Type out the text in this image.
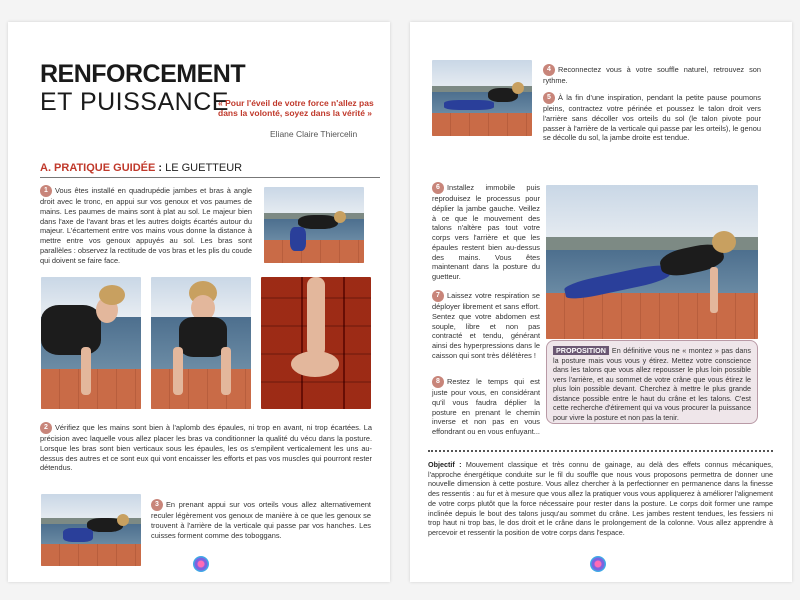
RENFORCEMENT
ET PUISSANCE
« Pour l'éveil de votre force n'allez pas dans la volonté, soyez dans la vérité »
Eliane Claire Thiercelin
A. PRATIQUE GUIDÉE : LE GUETTEUR
1 Vous êtes installé en quadrupédie jambes et bras à angle droit avec le tronc, en appui sur vos genoux et vos paumes de mains. Les paumes de mains sont à plat au sol. Le majeur bien dans l'axe de l'avant bras et les autres doigts écartés autour du majeur. L'écartement entre vos mains vous donne la distance à mettre entre vos genoux appuyés au sol. Les bras sont parallèles : observez la rectitude de vos bras et les plis du coude qui doivent se faire face.
2 Vérifiez que les mains sont bien à l'aplomb des épaules, ni trop en avant, ni trop écartées. La précision avec laquelle vous allez placer les bras va conditionner la qualité du vécu dans la posture. Lorsque les bras sont bien verticaux sous les épaules, les os s'empilent verticalement les uns au-dessus des autres et ce sont eux qui vont encaisser les efforts et pas vos muscles qui pourront rester détendus.
3 En prenant appui sur vos orteils vous allez alternativement reculer légèrement vos genoux de manière à ce que les genoux se trouvent à l'arrière de la verticale qui passe par vos hanches. Les cuisses forment comme des toboggans.
4 Reconnectez vous à votre souffle naturel, retrouvez son rythme.
5 À la fin d'une inspiration, pendant la petite pause poumons pleins, contractez votre périnée et poussez le talon droit vers l'arrière sans décoller vos orteils du sol (le talon pivote pour passer à l'arrière de la verticale qui passe par les orteils), le genou se décolle du sol, la jambe droite est tendue.
6 Installez immobile puis reproduisez le processus pour déplier la jambe gauche. Veillez à ce que le mouvement des talons n'altère pas tout votre corps vers l'arrière et que les épaules restent bien au-dessus des mains. Vous êtes maintenant dans la posture du guetteur.
7 Laissez votre respiration se déployer librement et sans effort. Sentez que votre abdomen est souple, libre et non pas contracté et tendu, générant ainsi des hyperpressions dans le caisson qui sont très délétères !
8 Restez le temps qui est juste pour vous, en considérant qu'il vous faudra déplier la posture en prenant le chemin inverse et non pas en vous effondrant ou en vous enfuyant...
PROPOSITION En définitive vous ne « montez » pas dans la posture mais vous vous y étirez. Mettez votre conscience dans les talons que vous allez repousser le plus loin possible vers l'arrière, et au sommet de votre crâne que vous étirez le plus loin possible devant. Cherchez à mettre le plus grande distance possible entre le haut du crâne et les talons. C'est cette recherche d'étirement qui va vous procurer la puissance pour vivre la posture et non pas la tenir.
Objectif : Mouvement classique et très connu de gainage, au delà des effets connus mécaniques, l'approche énergétique conduite sur le fil du souffle que nous vous proposons permettra de donner une nouvelle dimension à cette posture. Vous allez chercher à la perfectionner en permanence dans la finesse des ressentis : au fur et à mesure que vous allez la pratiquer vous vous appliquerez à améliorer l'alignement de votre corps plutôt que la force nécessaire pour rester dans la posture. Le corps doit former une rampe inclinée depuis le bout des talons jusqu'au sommet du crâne. Les jambes restent tendues, les fessiers ni trop haut ni trop bas, le dos droit et le crâne dans le prolongement de la colonne. Vous allez apprendre à percevoir et ressentir la position de votre corps dans l'espace.
